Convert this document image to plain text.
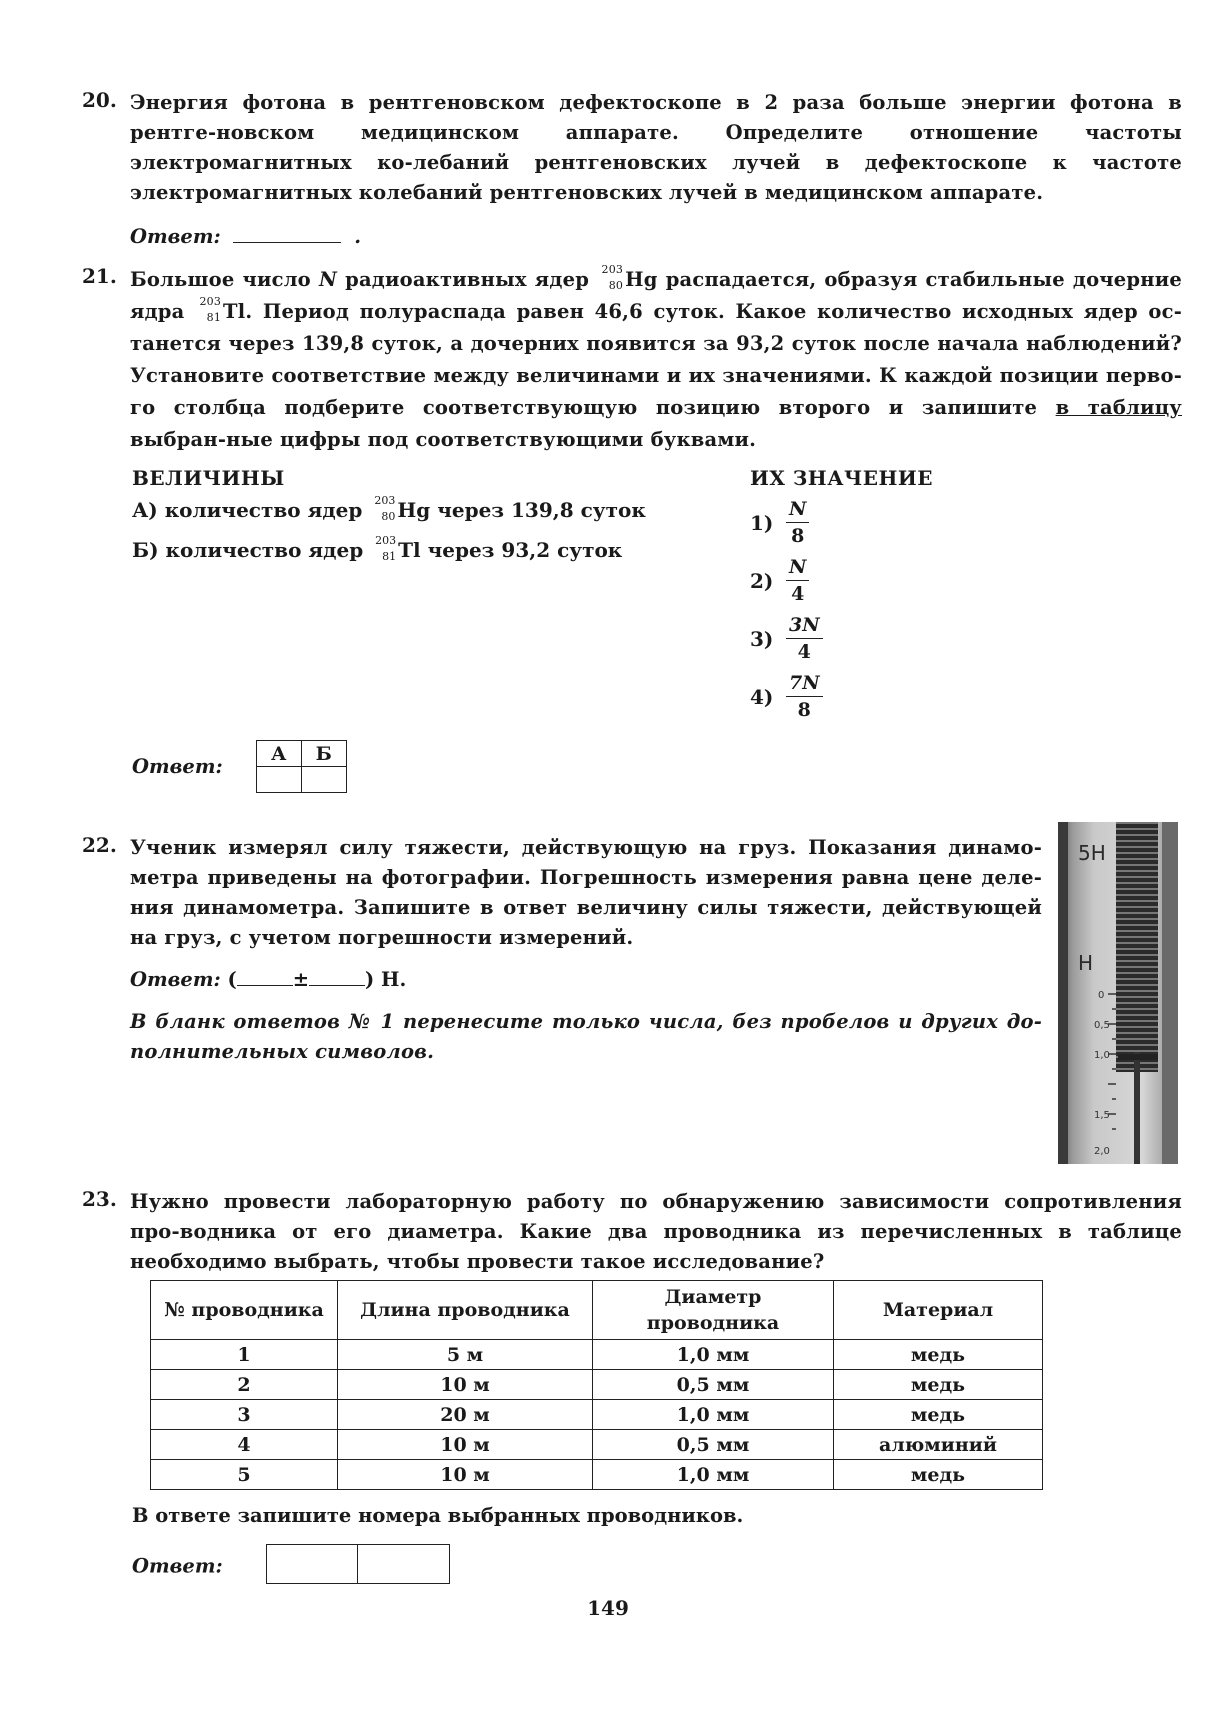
20. Энергия фотона в рентгеновском дефектоскопе в 2 раза больше энергии фотона в рентге-новском медицинском аппарате. Определите отношение частоты электромагнитных ко-лебаний рентгеновских лучей в дефектоскопе к частоте электромагнитных колебаний рентгеновских лучей в медицинском аппарате.
Ответ:	.
21. Большое число N радиоактивных ядер 203
80 Hg распадается, образуя стабильные дочерние ядра 203
81 Tl. Период полураспада равен 46,6 суток. Какое количество исходных ядер ос-танется через 139,8 суток, а дочерних появится за 93,2 суток после начала наблюдений? Установите соответствие между величинами и их значениями. К каждой позиции перво-го столбца подберите соответствующую позицию второго и запишите в таблицу выбран-ные цифры под соответствующими буквами.
ВЕЛИЧИНЫ	ИХ ЗНАЧЕНИЕ
А) количество ядер 203
80 Hg через 139,8 суток
Б) количество ядер 203
81 Tl через 93,2 суток
$1) \frac{N}{8}$
$2) \frac{N}{4}$
$3) \frac{3N}{4}$
$4) \frac{7N}{8}$
Ответ: А	Б

22. Ученик измерял силу тяжести, действующую на груз. Показания динамо-метра приведены на фотографии. Погрешность измерения равна цене деле-ния динамометра. Запишите в ответ величину силы тяжести, действующей на груз, с учетом погрешности измерений.
Ответ: (	±	) Н.
В бланк ответов № 1 перенесите только числа, без пробелов и других до-полнительных символов.
5Н
Н
0
0,5
1,0
1,5
2,0
23. Нужно провести лабораторную работу по обнаружению зависимости сопротивления про-водника от его диаметра. Какие два проводника из перечисленных в таблице необходимо выбрать, чтобы провести такое исследование?
№ проводника	Длина проводника	Диаметр проводника	Материал
1	5 м	1,0 мм	медь
2	10 м	0,5 мм	медь
3	20 м	1,0 мм	медь
4	10 м	0,5 мм	алюминий
5	10 м	1,0 мм	медь
В ответе запишите номера выбранных проводников.
Ответ:
149
